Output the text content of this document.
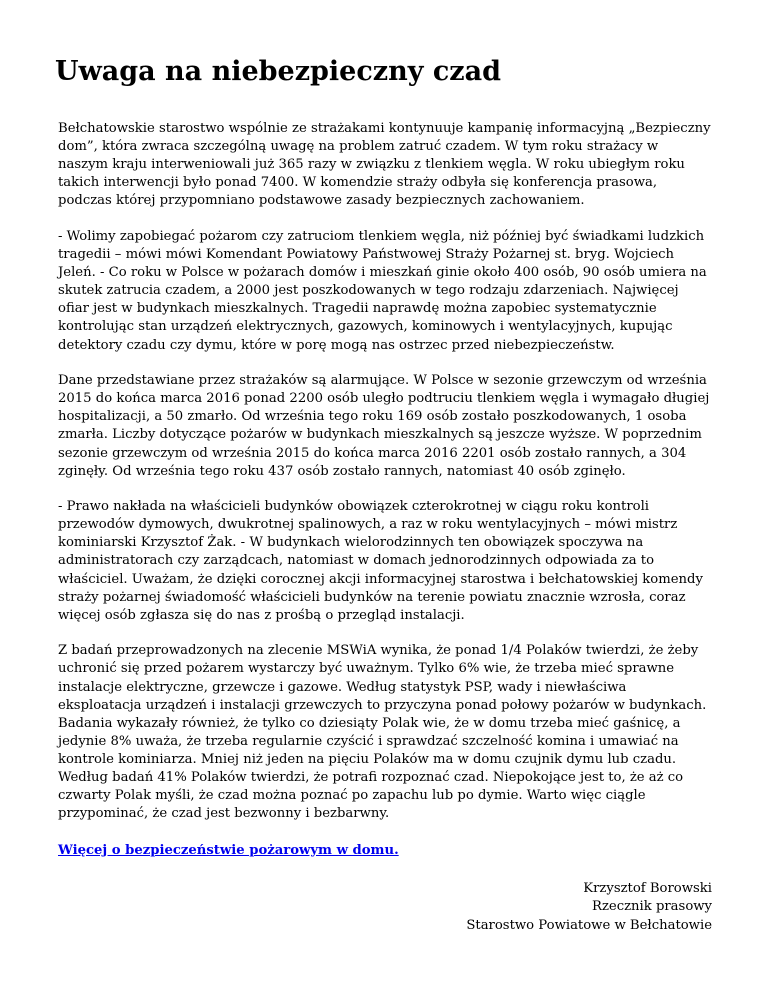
Uwaga na niebezpieczny czad

Bełchatowskie starostwo wspólnie ze strażakami kontynuuje kampanię informacyjną „Bezpieczny dom”, która zwraca szczególną uwagę na problem zatruć czadem. W tym roku strażacy w naszym kraju interweniowali już 365 razy w związku z tlenkiem węgla. W roku ubiegłym roku takich interwencji było ponad 7400. W komendzie straży odbyła się konferencja prasowa, podczas której przypomniano podstawowe zasady bezpiecznych zachowaniem.

- Wolimy zapobiegać pożarom czy zatruciom tlenkiem węgla, niż później być świadkami ludzkich tragedii – mówi mówi Komendant Powiatowy Państwowej Straży Pożarnej st. bryg. Wojciech Jeleń. - Co roku w Polsce w pożarach domów i mieszkań ginie około 400 osób, 90 osób umiera na skutek zatrucia czadem, a 2000 jest poszkodowanych w tego rodzaju zdarzeniach. Najwięcej ofiar jest w budynkach mieszkalnych. Tragedii naprawdę można zapobiec systematycznie kontrolując stan urządzeń elektrycznych, gazowych, kominowych i wentylacyjnych, kupując detektory czadu czy dymu, które w porę mogą nas ostrzec przed niebezpieczeństw.

Dane przedstawiane przez strażaków są alarmujące. W Polsce w sezonie grzewczym od września 2015 do końca marca 2016 ponad 2200 osób uległo podtruciu tlenkiem węgla i wymagało długiej hospitalizacji, a 50 zmarło. Od września tego roku 169 osób zostało poszkodowanych, 1 osoba zmarła. Liczby dotyczące pożarów w budynkach mieszkalnych są jeszcze wyższe. W poprzednim sezonie grzewczym od września 2015 do końca marca 2016 2201 osób zostało rannych, a 304 zginęły. Od września tego roku 437 osób zostało rannych, natomiast 40 osób zginęło.

- Prawo nakłada na właścicieli budynków obowiązek czterokrotnej w ciągu roku kontroli przewodów dymowych, dwukrotnej spalinowych, a raz w roku wentylacyjnych – mówi mistrz kominiarski Krzysztof Żak. - W budynkach wielorodzinnych ten obowiązek spoczywa na administratorach czy zarządcach, natomiast w domach jednorodzinnych odpowiada za to właściciel. Uważam, że dzięki corocznej akcji informacyjnej starostwa i bełchatowskiej komendy straży pożarnej świadomość właścicieli budynków na terenie powiatu znacznie wzrosła, coraz więcej osób zgłasza się do nas z prośbą o przegląd instalacji.

Z badań przeprowadzonych na zlecenie MSWiA wynika, że ponad 1/4 Polaków twierdzi, że żeby uchronić się przed pożarem wystarczy być uważnym. Tylko 6% wie, że trzeba mieć sprawne instalacje elektryczne, grzewcze i gazowe. Według statystyk PSP, wady i niewłaściwa eksploatacja urządzeń i instalacji grzewczych to przyczyna ponad połowy pożarów w budynkach. Badania wykazały również, że tylko co dziesiąty Polak wie, że w domu trzeba mieć gaśnicę, a jedynie 8% uważa, że trzeba regularnie czyścić i sprawdzać szczelność komina i umawiać na kontrole kominiarza. Mniej niż jeden na pięciu Polaków ma w domu czujnik dymu lub czadu. Według badań 41% Polaków twierdzi, że potrafi rozpoznać czad. Niepokojące jest to, że aż co czwarty Polak myśli, że czad można poznać po zapachu lub po dymie. Warto więc ciągle przypominać, że czad jest bezwonny i bezbarwny.

Więcej o bezpieczeństwie pożarowym w domu.
Krzysztof Borowski
Rzecznik prasowy
Starostwo Powiatowe w Bełchatowie
